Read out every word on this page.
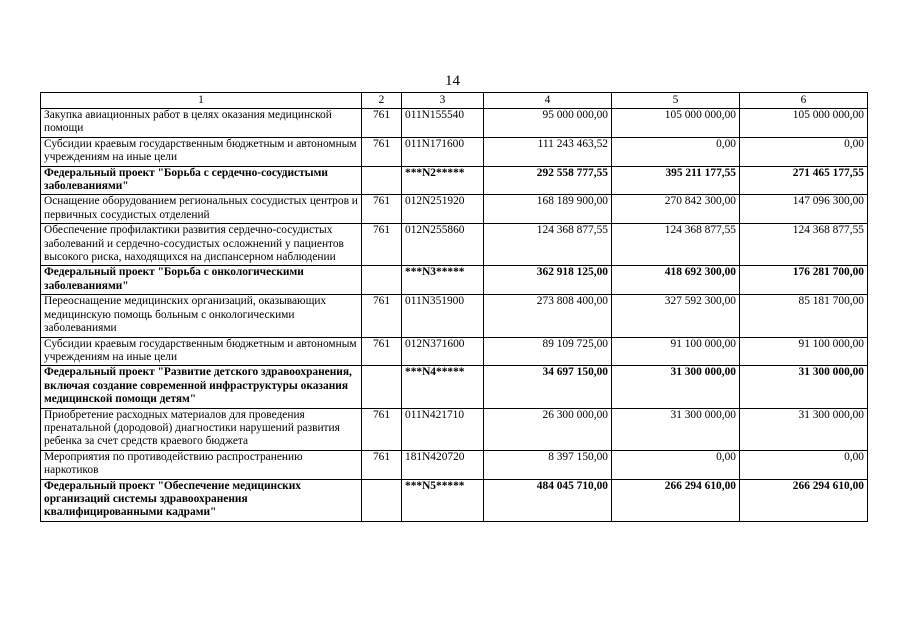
14
1	2	3	4	5	6
Закупка авиационных работ в целях оказания медицинской помощи	761	011N155540	95 000 000,00	105 000 000,00	105 000 000,00
Субсидии краевым государственным бюджетным и автономным учреждениям на иные цели	761	011N171600	111 243 463,52	0,00	0,00
Федеральный проект "Борьба с сердечно-сосудистыми заболеваниями"		***N2*****	292 558 777,55	395 211 177,55	271 465 177,55
Оснащение оборудованием региональных сосудистых центров и первичных сосудистых отделений	761	012N251920	168 189 900,00	270 842 300,00	147 096 300,00
Обеспечение профилактики развития сердечно-сосудистых заболеваний и сердечно-сосудистых осложнений у пациентов высокого риска, находящихся на диспансерном наблюдении	761	012N255860	124 368 877,55	124 368 877,55	124 368 877,55
Федеральный проект "Борьба с онкологическими заболеваниями"		***N3*****	362 918 125,00	418 692 300,00	176 281 700,00
Переоснащение медицинских организаций, оказывающих медицинскую помощь больным с онкологическими заболеваниями	761	011N351900	273 808 400,00	327 592 300,00	85 181 700,00
Субсидии краевым государственным бюджетным и автономным учреждениям на иные цели	761	012N371600	89 109 725,00	91 100 000,00	91 100 000,00
Федеральный проект "Развитие детского здравоохранения, включая создание современной инфраструктуры оказания медицинской помощи детям"		***N4*****	34 697 150,00	31 300 000,00	31 300 000,00
Приобретение расходных материалов для проведения пренатальной (дородовой) диагностики нарушений развития ребенка за счет средств краевого бюджета	761	011N421710	26 300 000,00	31 300 000,00	31 300 000,00
Мероприятия по противодействию распространению наркотиков	761	181N420720	8 397 150,00	0,00	0,00
Федеральный проект "Обеспечение медицинских организаций системы здравоохранения квалифицированными кадрами"		***N5*****	484 045 710,00	266 294 610,00	266 294 610,00
